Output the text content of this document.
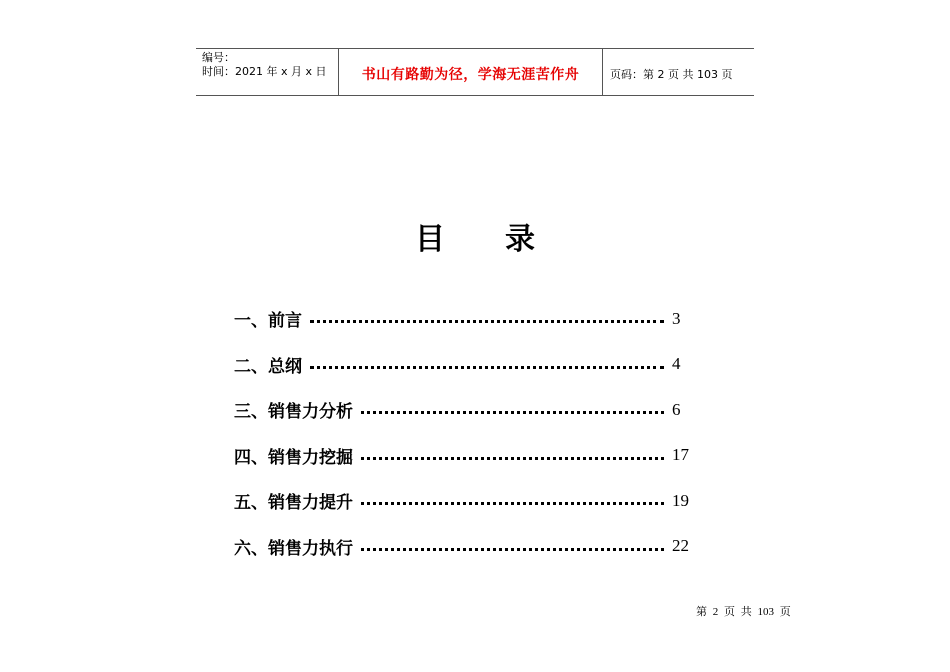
编号：
时间：2021 年 x 月 x 日	书山有路勤为径，学海无涯苦作舟	页码：第 2 页 共 103 页
目录
一、前言	3
二、总纲	4
三、销售力分析	6
四、销售力挖掘	17
五、销售力提升	19
六、销售力执行	22
第 2 页 共 103 页
